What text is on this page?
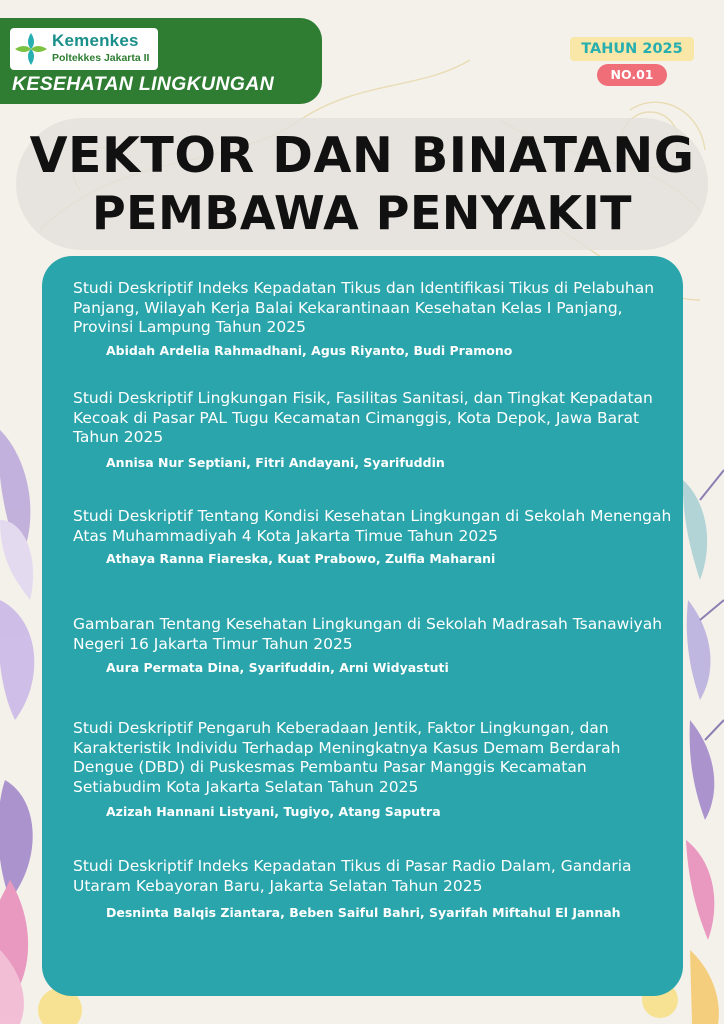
Kemenkes
Poltekkes Jakarta II
KESEHATAN LINGKUNGAN
TAHUN 2025
NO.01
VEKTOR DAN BINATANG
PEMBAWA PENYAKIT
Studi Deskriptif Indeks Kepadatan Tikus dan Identifikasi Tikus di Pelabuhan Panjang, Wilayah Kerja Balai Kekarantinaan Kesehatan Kelas I Panjang, Provinsi Lampung Tahun 2025
Abidah Ardelia Rahmadhani, Agus Riyanto, Budi Pramono
Studi Deskriptif Lingkungan Fisik, Fasilitas Sanitasi, dan Tingkat Kepadatan Kecoak di Pasar PAL Tugu Kecamatan Cimanggis, Kota Depok, Jawa Barat Tahun 2025
Annisa Nur Septiani, Fitri Andayani, Syarifuddin
Studi Deskriptif Tentang Kondisi Kesehatan Lingkungan di Sekolah Menengah Atas Muhammadiyah 4 Kota Jakarta Timue Tahun 2025
Athaya Ranna Fiareska, Kuat Prabowo, Zulfia Maharani
Gambaran Tentang Kesehatan Lingkungan di Sekolah Madrasah Tsanawiyah Negeri 16 Jakarta Timur Tahun 2025
Aura Permata Dina, Syarifuddin, Arni Widyastuti
Studi Deskriptif Pengaruh Keberadaan Jentik, Faktor Lingkungan, dan Karakteristik Individu Terhadap Meningkatnya Kasus Demam Berdarah Dengue (DBD) di Puskesmas Pembantu Pasar Manggis Kecamatan Setiabudim Kota Jakarta Selatan Tahun 2025
Azizah Hannani Listyani, Tugiyo, Atang Saputra
Studi Deskriptif Indeks Kepadatan Tikus di Pasar Radio Dalam, Gandaria Utaram Kebayoran Baru, Jakarta Selatan Tahun 2025
Desninta Balqis Ziantara, Beben Saiful Bahri, Syarifah Miftahul El Jannah
